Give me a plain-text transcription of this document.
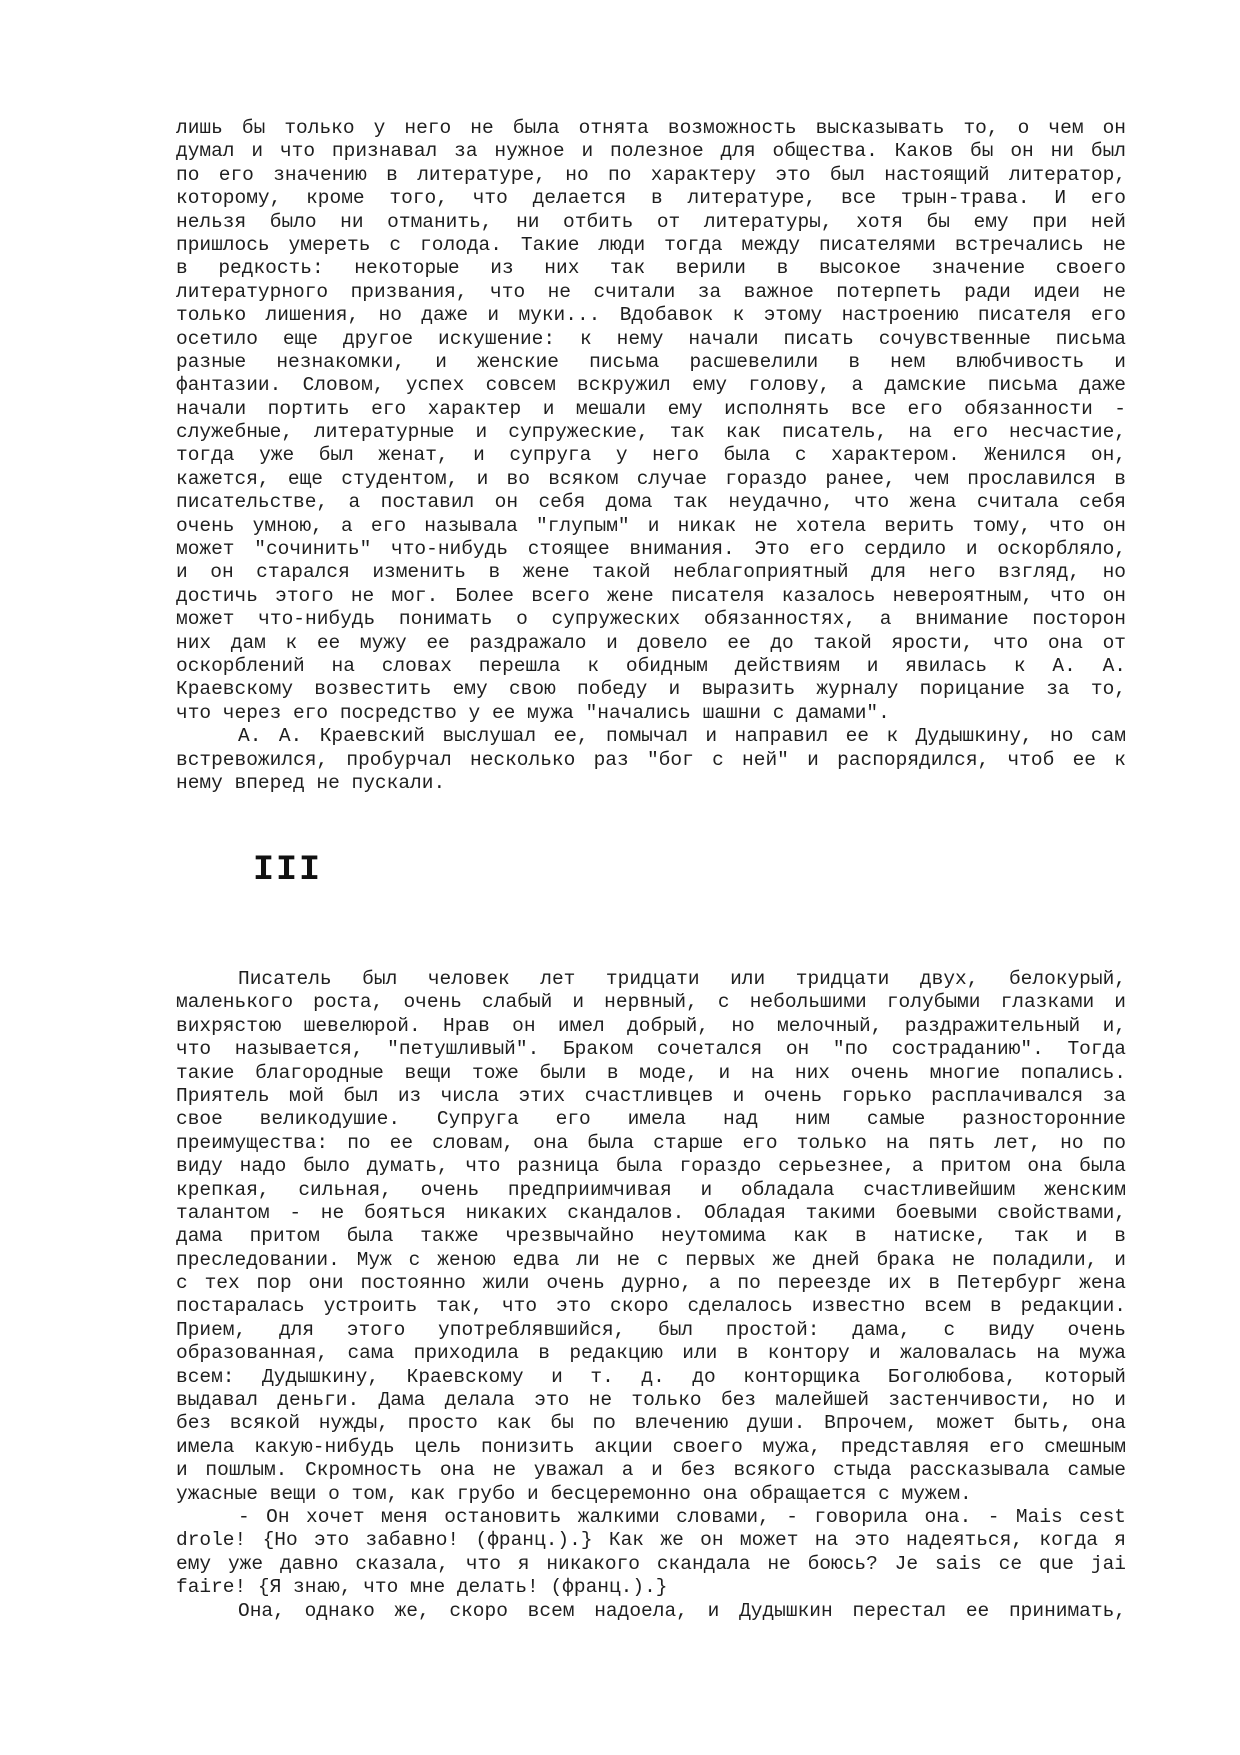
лишь бы только у него не была отнята возможность высказывать то, о чем он
думал и что признавал за нужное и полезное для общества. Каков бы он ни был
по его значению в литературе, но по характеру это был настоящий литератор,
которому, кроме того, что делается в литературе, все трын-трава. И его
нельзя было ни отманить, ни отбить от литературы, хотя бы ему при ней
пришлось умереть с голода. Такие люди тогда между писателями встречались не
в редкость: некоторые из них так верили в высокое значение своего
литературного призвания, что не считали за важное потерпеть ради идеи не
только лишения, но даже и муки... Вдобавок к этому настроению писателя его
осетило еще другое искушение: к нему начали писать сочувственные письма
разные незнакомки, и женские письма расшевелили в нем влюбчивость и
фантазии. Словом, успех совсем вскружил ему голову, а дамские письма даже
начали портить его характер и мешали ему исполнять все его обязанности -
служебные, литературные и супружеские, так как писатель, на его несчастие,
тогда уже был женат, и супруга у него была с характером. Женился он,
кажется, еще студентом, и во всяком случае гораздо ранее, чем прославился в
писательстве, а поставил он себя дома так неудачно, что жена считала себя
очень умною, а его называла "глупым" и никак не хотела верить тому, что он
может "сочинить" что-нибудь стоящее внимания. Это его сердило и оскорбляло,
и он старался изменить в жене такой неблагоприятный для него взгляд, но
достичь этого не мог. Более всего жене писателя казалось невероятным, что он
может что-нибудь понимать о супружеских обязанностях, а внимание посторон
них дам к ее мужу ее раздражало и довело ее до такой ярости, что она от
оскорблений на словах перешла к обидным действиям и явилась к А. А.
Краевскому возвестить ему свою победу и выразить журналу порицание за то,
что через его посредство у ее мужа "начались шашни с дамами".
А. А. Краевский выслушал ее, помычал и направил ее к Дудышкину, но сам
встревожился, пробурчал несколько раз "бог с ней" и распорядился, чтоб ее к
нему вперед не пускали.
III
Писатель был человек лет тридцати или тридцати двух, белокурый,
маленького роста, очень слабый и нервный, с небольшими голубыми глазками и
вихрястою шевелюрой. Нрав он имел добрый, но мелочный, раздражительный и,
что называется, "петушливый". Браком сочетался он "по состраданию". Тогда
такие благородные вещи тоже были в моде, и на них очень многие попались.
Приятель мой был из числа этих счастливцев и очень горько расплачивался за
свое великодушие. Супруга его имела над ним самые разносторонние
преимущества: по ее словам, она была старше его только на пять лет, но по
виду надо было думать, что разница была гораздо серьезнее, а притом она была
крепкая, сильная, очень предприимчивая и обладала счастливейшим женским
талантом - не бояться никаких скандалов. Обладая такими боевыми свойствами,
дама притом была также чрезвычайно неутомима как в натиске, так и в
преследовании. Муж с женою едва ли не с первых же дней брака не поладили, и
с тех пор они постоянно жили очень дурно, а по переезде их в Петербург жена
постаралась устроить так, что это скоро сделалось известно всем в редакции.
Прием, для этого употреблявшийся, был простой: дама, с виду очень
образованная, сама приходила в редакцию или в контору и жаловалась на мужа
всем: Дудышкину, Краевскому и т. д. до конторщика Боголюбова, который
выдавал деньги. Дама делала это не только без малейшей застенчивости, но и
без всякой нужды, просто как бы по влечению души. Впрочем, может быть, она
имела какую-нибудь цель понизить акции своего мужа, представляя его смешным
и пошлым. Скромность она не уважал а и без всякого стыда рассказывала самые
ужасные вещи о том, как грубо и бесцеремонно она обращается с мужем.
- Он хочет меня остановить жалкими словами, - говорила она. - Mais cest
drole! {Но это забавно! (франц.).} Как же он может на это надеяться, когда я
ему уже давно сказала, что я никакого скандала не боюсь? Je sais ce que jai
faire! {Я знаю, что мне делать! (франц.).}
Она, однако же, скоро всем надоела, и Дудышкин перестал ее принимать,
